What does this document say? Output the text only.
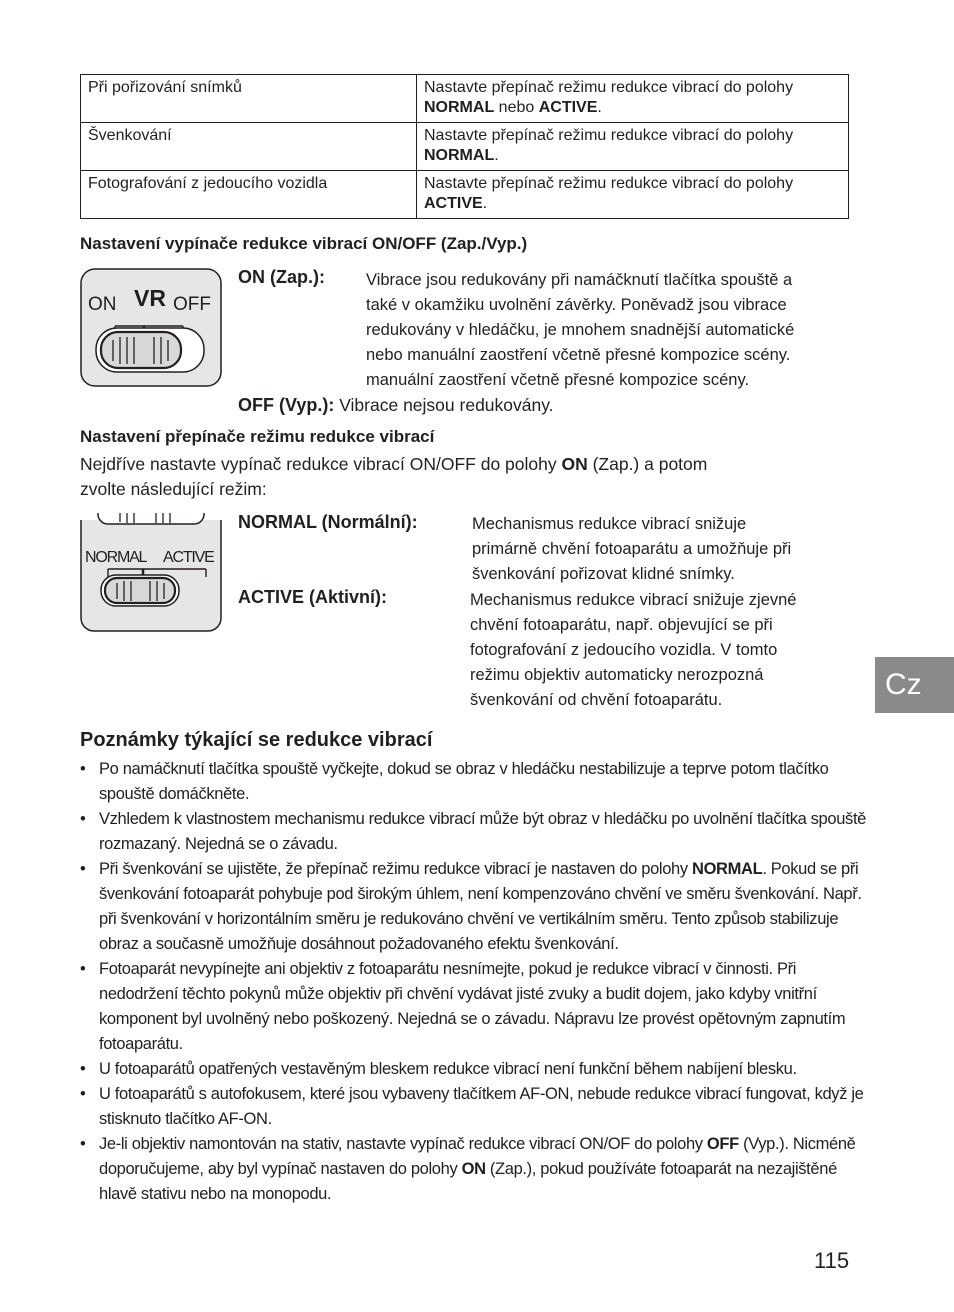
Při pořizování snímků	Nastavte přepínač režimu redukce vibrací do polohy NORMAL nebo ACTIVE.
Švenkování	Nastavte přepínač režimu redukce vibrací do polohy NORMAL.
Fotografování z jedoucího vozidla	Nastavte přepínač režimu redukce vibrací do polohy ACTIVE.
Nastavení vypínače redukce vibrací ON/OFF (Zap./Vyp.)
ON VR OFF
ON (Zap.): Vibrace jsou redukovány při namáčknutí tlačítka spouště a
také v okamžiku uvolnění závěrky. Poněvadž jsou vibrace
redukovány v hledáčku, je mnohem snadnější automatické
nebo manuální zaostření včetně přesné kompozice scény.
manuální zaostření včetně přesné kompozice scény.
OFF (Vyp.): Vibrace nejsou redukovány.
Nastavení přepínače režimu redukce vibrací
Nejdříve nastavte vypínač redukce vibrací ON/OFF do polohy ON (Zap.) a potom
zvolte následující režim:
NORMAL ACTIVE
NORMAL (Normální):	Mechanismus redukce vibrací snižuje
primárně chvění fotoaparátu a umožňuje při
švenkování pořizovat klidné snímky.
ACTIVE (Aktivní):	Mechanismus redukce vibrací snižuje zjevné
chvění fotoaparátu, např. objevující se při
fotografování z jedoucího vozidla. V tomto
režimu objektiv automaticky nerozpozná
švenkování od chvění fotoaparátu.	Cz
Poznámky týkající se redukce vibrací
• Po namáčknutí tlačítka spouště vyčkejte, dokud se obraz v hledáčku nestabilizuje a teprve potom tlačítko spouště domáčkněte.
• Vzhledem k vlastnostem mechanismu redukce vibrací může být obraz v hledáčku po uvolnění tlačítka spouště rozmazaný. Nejedná se o závadu.
• Při švenkování se ujistěte, že přepínač režimu redukce vibrací je nastaven do polohy NORMAL. Pokud se při švenkování fotoaparát pohybuje pod širokým úhlem, není kompenzováno chvění ve směru švenkování. Např. při švenkování v horizontálním směru je redukováno chvění ve vertikálním směru. Tento způsob stabilizuje obraz a současně umožňuje dosáhnout požadovaného efektu švenkování.
• Fotoaparát nevypínejte ani objektiv z fotoaparátu nesnímejte, pokud je redukce vibrací v činnosti. Při nedodržení těchto pokynů může objektiv při chvění vydávat jisté zvuky a budit dojem, jako kdyby vnitřní komponent byl uvolněný nebo poškozený. Nejedná se o závadu. Nápravu lze provést opětovným zapnutím fotoaparátu.
• U fotoaparátů opatřených vestavěným bleskem redukce vibrací není funkční během nabíjení blesku.
• U fotoaparátů s autofokusem, které jsou vybaveny tlačítkem AF-ON, nebude redukce vibrací fungovat, když je stisknuto tlačítko AF-ON.
• Je-li objektiv namontován na stativ, nastavte vypínač redukce vibrací ON/OF do polohy OFF (Vyp.). Nicméně doporučujeme, aby byl vypínač nastaven do polohy ON (Zap.), pokud používáte fotoaparát na nezajištěné hlavě stativu nebo na monopodu.
115
